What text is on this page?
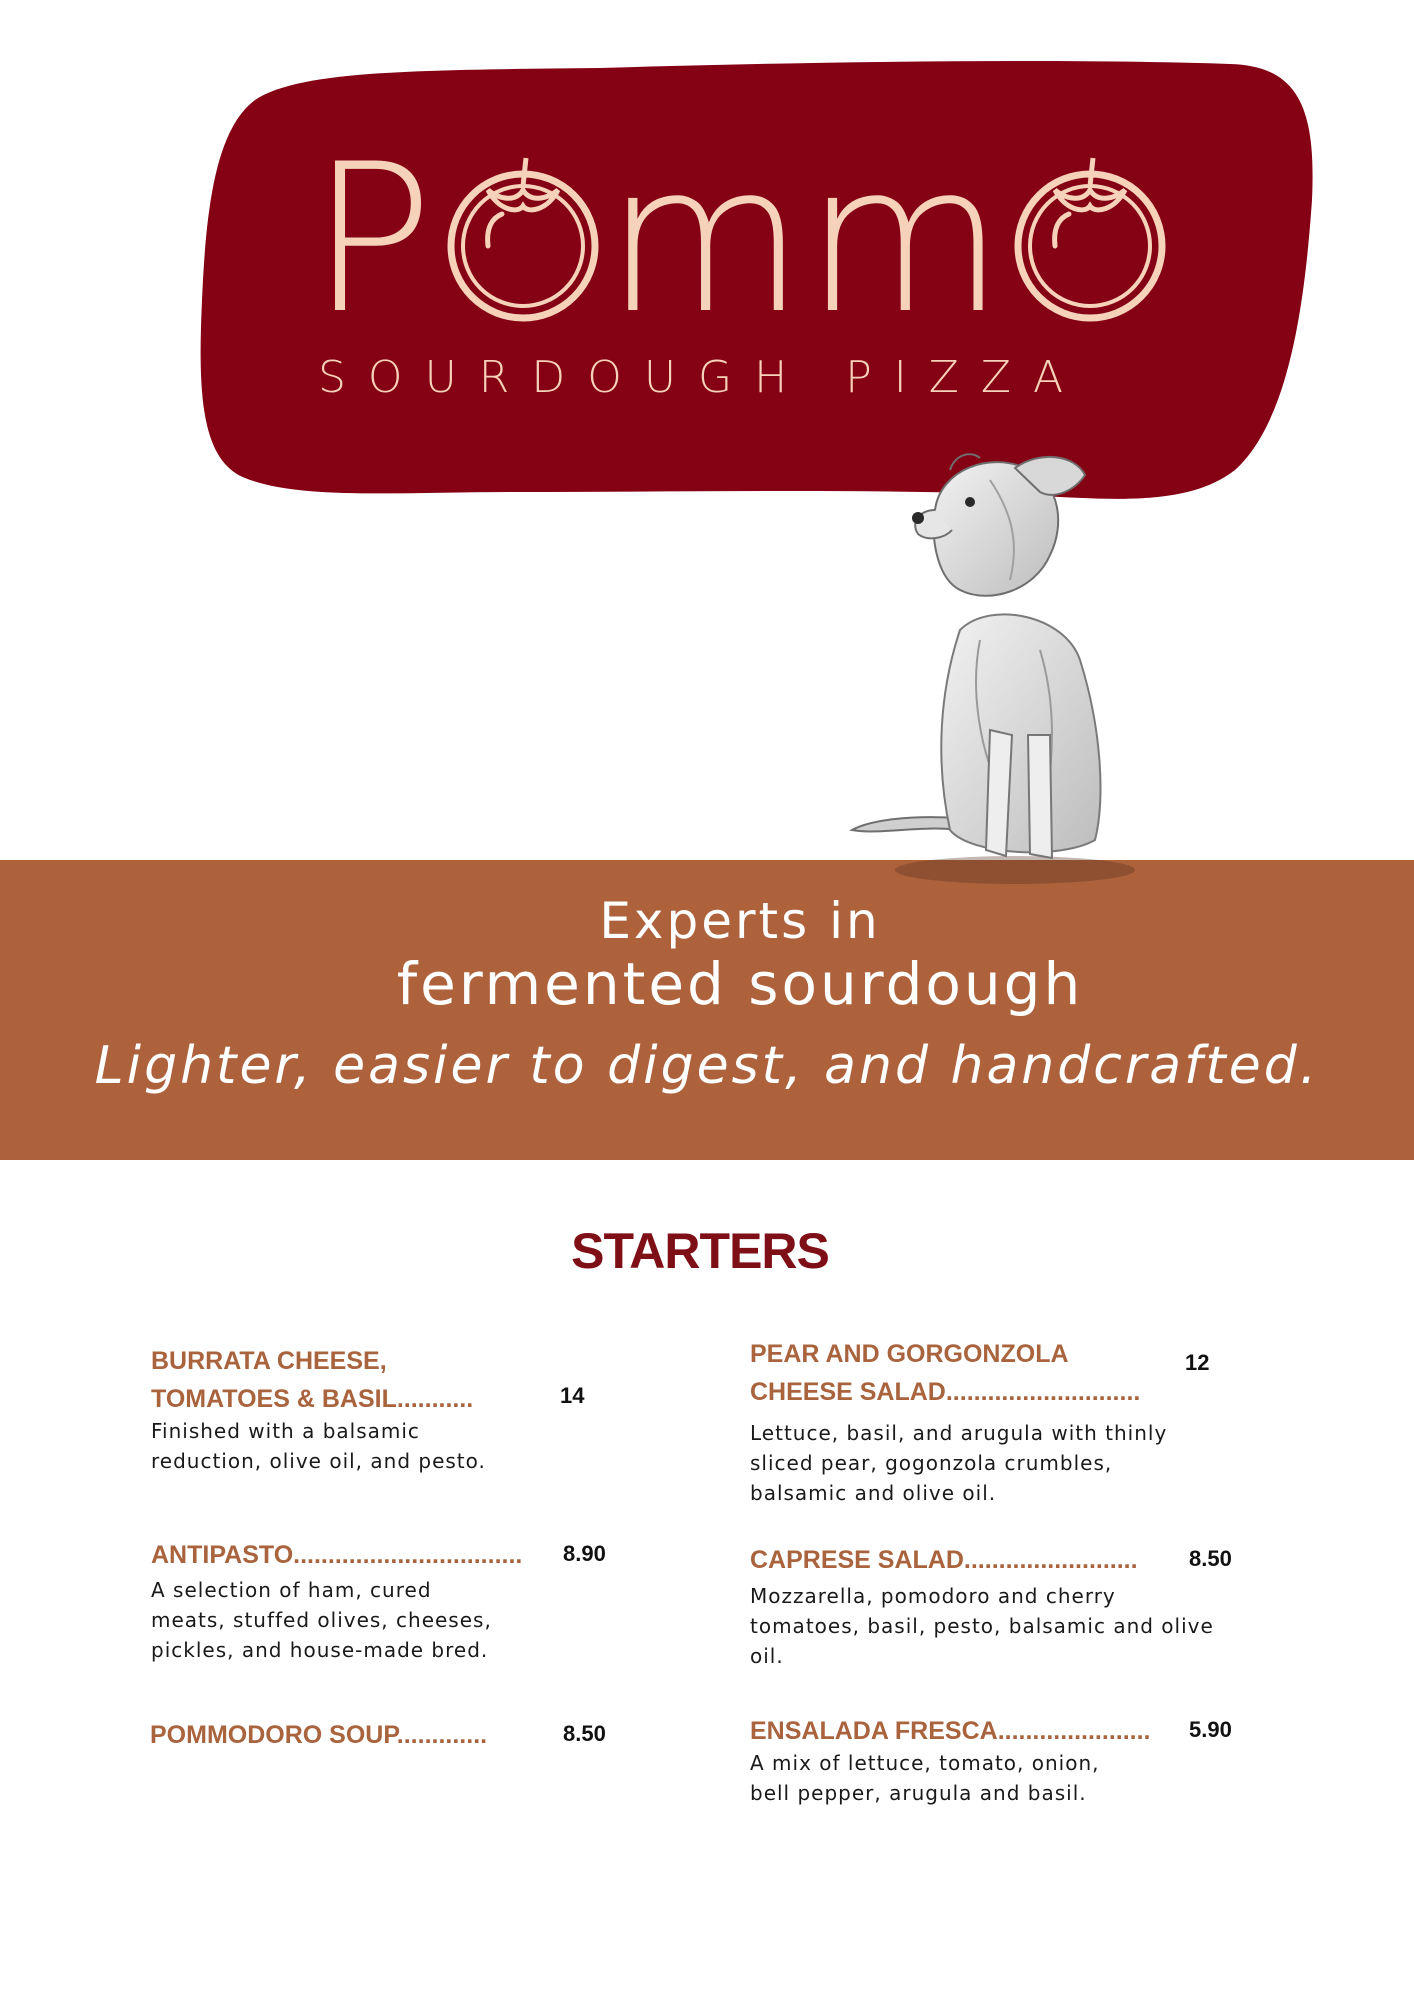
P mm
SOURDOUGH PIZZA
Experts in
fermented sourdough
Lighter, easier to digest, and handcrafted.
STARTERS
BURRATA CHEESE,
TOMATOES & BASIL...........	14
Finished with a balsamic
reduction, olive oil, and pesto.
ANTIPASTO................................. 8.90
A selection of ham, cured
meats, stuffed olives, cheeses,
pickles, and house-made bred.
POMMODORO SOUP.............	8.50
PEAR AND GORGONZOLA
CHEESE SALAD............................
12
Lettuce, basil, and arugula with thinly
sliced pear, gogonzola crumbles,
balsamic and olive oil.
CAPRESE SALAD......................... 8.50
Mozzarella, pomodoro and cherry
tomatoes, basil, pesto, balsamic and olive
oil.
ENSALADA FRESCA...................... 5.90
A mix of lettuce, tomato, onion,
bell pepper, arugula and basil.
